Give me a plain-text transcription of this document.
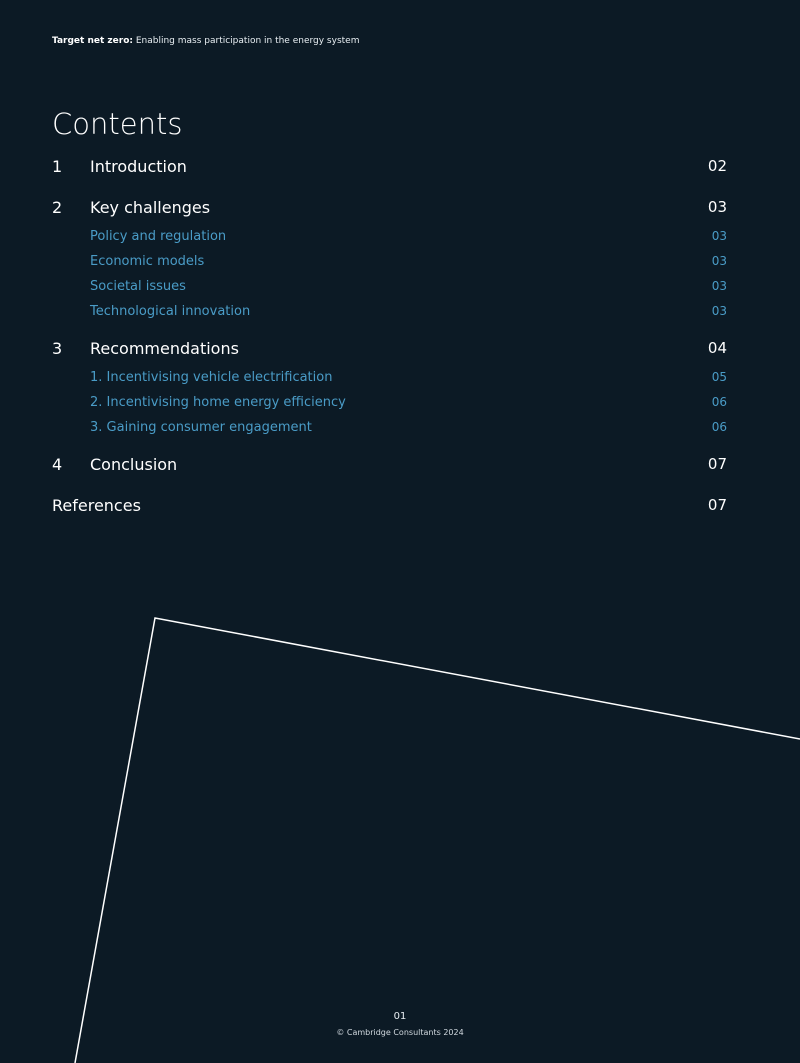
Target net zero: Enabling mass participation in the energy system
Contents
1	Introduction	02
2	Key challenges	03
Policy and regulation	03
Economic models	03
Societal issues	03
Technological innovation	03
3	Recommendations	04
1. Incentivising vehicle electrification	05
2. Incentivising home energy efficiency	06
3. Gaining consumer engagement	06
4	Conclusion	07
References	07
01
© Cambridge Consultants 2024
